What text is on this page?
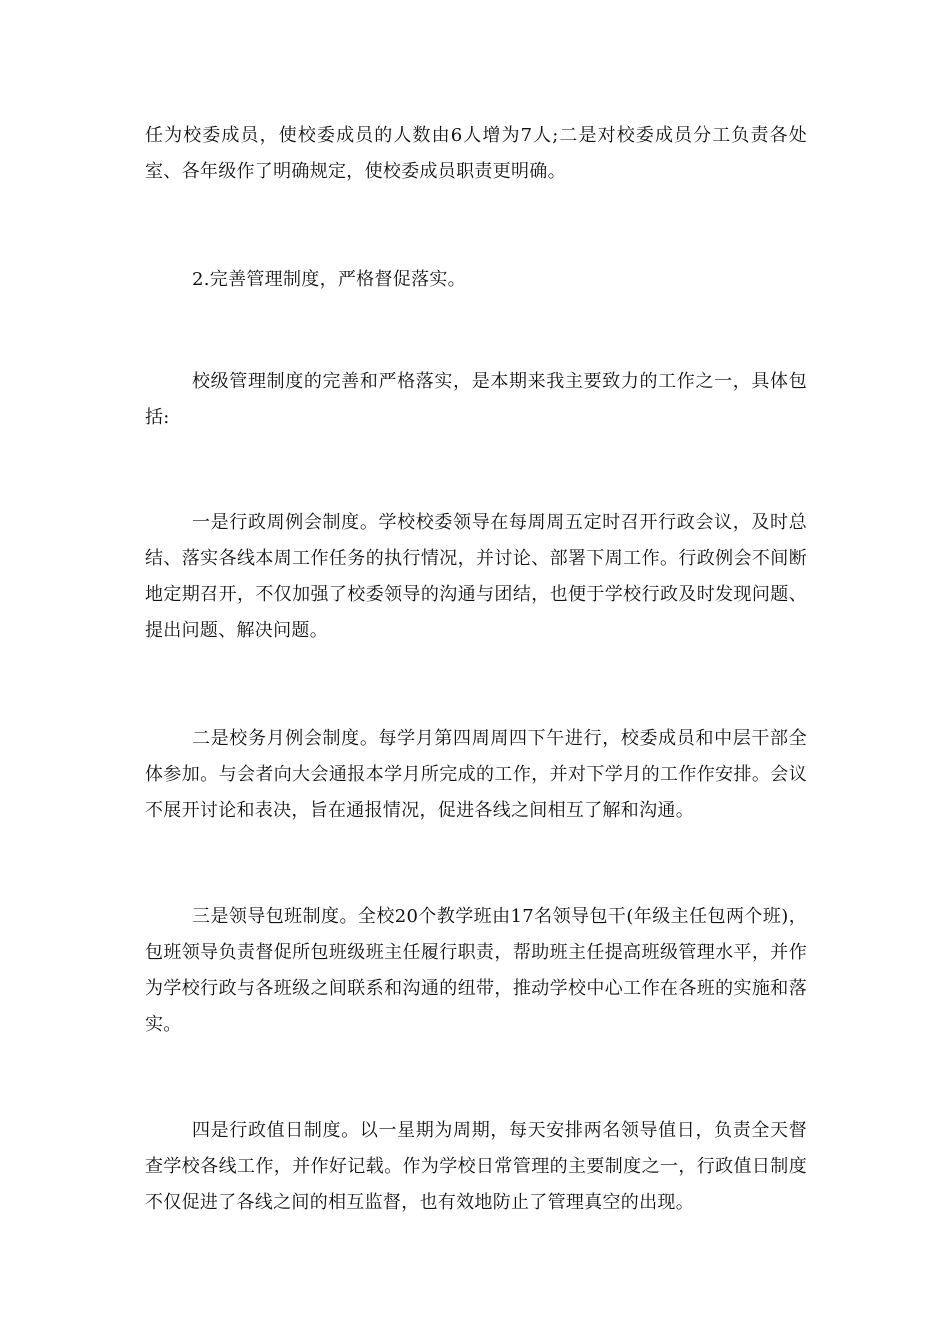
任为校委成员，使校委成员的人数由6人增为7人;二是对校委成员分工负责各处室、各年级作了明确规定，使校委成员职责更明确。

2.完善管理制度，严格督促落实。

校级管理制度的完善和严格落实，是本期来我主要致力的工作之一，具体包括:

一是行政周例会制度。学校校委领导在每周周五定时召开行政会议，及时总结、落实各线本周工作任务的执行情况，并讨论、部署下周工作。行政例会不间断地定期召开，不仅加强了校委领导的沟通与团结，也便于学校行政及时发现问题、提出问题、解决问题。

二是校务月例会制度。每学月第四周周四下午进行，校委成员和中层干部全体参加。与会者向大会通报本学月所完成的工作，并对下学月的工作作安排。会议不展开讨论和表决，旨在通报情况，促进各线之间相互了解和沟通。

三是领导包班制度。全校20个教学班由17名领导包干(年级主任包两个班)，包班领导负责督促所包班级班主任履行职责，帮助班主任提高班级管理水平，并作为学校行政与各班级之间联系和沟通的纽带，推动学校中心工作在各班的实施和落实。

四是行政值日制度。以一星期为周期，每天安排两名领导值日，负责全天督查学校各线工作，并作好记载。作为学校日常管理的主要制度之一，行政值日制度不仅促进了各线之间的相互监督，也有效地防止了管理真空的出现。
